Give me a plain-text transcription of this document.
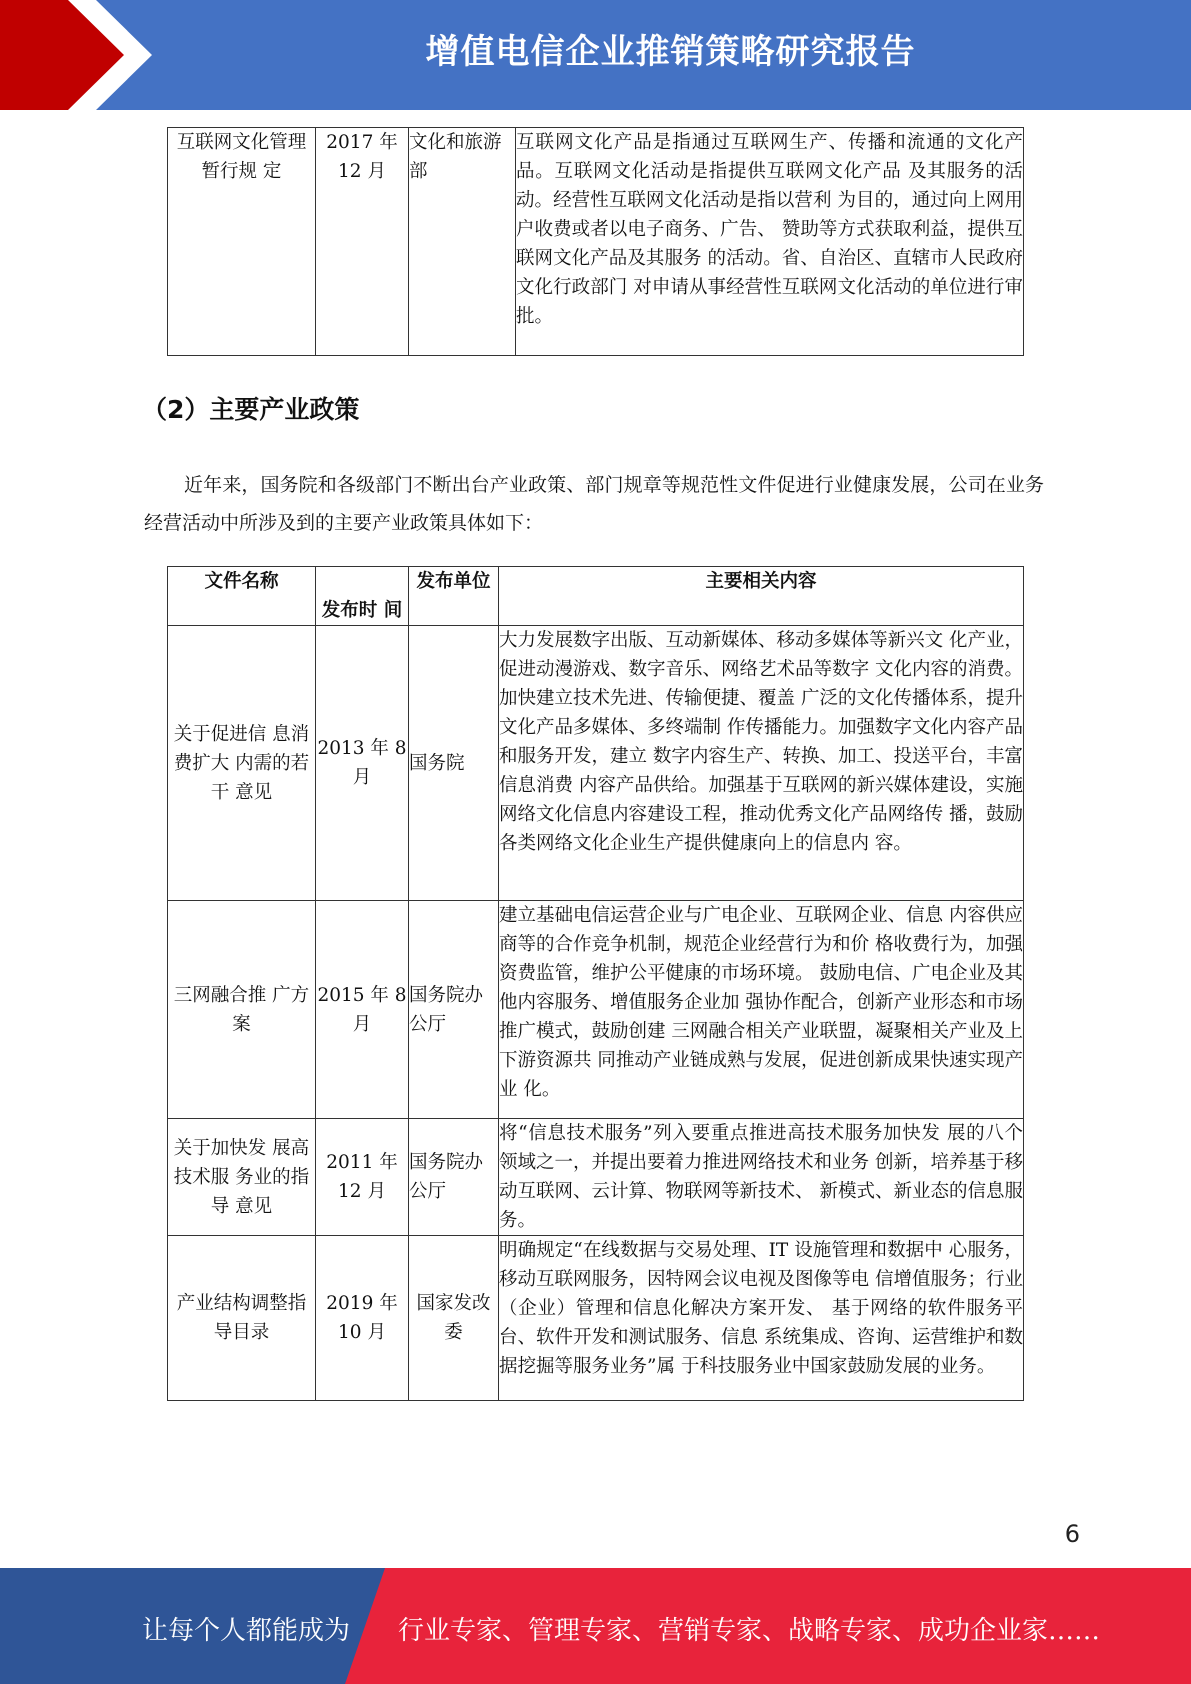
增值电信企业推销策略研究报告
互联网文化管理暂行规 定	2017 年 12 月	文化和旅游部	互联网文化产品是指通过互联网生产、传播和流通的文化产品。互联网文化活动是指提供互联网文化产品 及其服务的活动。经营性互联网文化活动是指以营利 为目的，通过向上网用户收费或者以电子商务、广告、 赞助等方式获取利益，提供互联网文化产品及其服务 的活动。省、自治区、直辖市人民政府文化行政部门 对申请从事经营性互联网文化活动的单位进行审批。
（2）主要产业政策

近年来，国务院和各级部门不断出台产业政策、部门规章等规范性文件促进行业健康发展，公司在业务经营活动中所涉及到的主要产业政策具体如下：

文件名称	发布时 间	发布单位	主要相关内容
关于促进信 息消费扩大 内需的若干 意见	2013 年 8 月	国务院	大力发展数字出版、互动新媒体、移动多媒体等新兴文 化产业，促进动漫游戏、数字音乐、网络艺术品等数字 文化内容的消费。加快建立技术先进、传输便捷、覆盖 广泛的文化传播体系，提升文化产品多媒体、多终端制 作传播能力。加强数字文化内容产品和服务开发，建立 数字内容生产、转换、加工、投送平台，丰富信息消费 内容产品供给。加强基于互联网的新兴媒体建设，实施 网络文化信息内容建设工程，推动优秀文化产品网络传 播，鼓励各类网络文化企业生产提供健康向上的信息内 容。
三网融合推 广方案	2015 年 8 月	国务院办公厅	建立基础电信运营企业与广电企业、互联网企业、信息 内容供应商等的合作竞争机制，规范企业经营行为和价 格收费行为，加强资费监管，维护公平健康的市场环境。 鼓励电信、广电企业及其他内容服务、增值服务企业加 强协作配合，创新产业形态和市场推广模式，鼓励创建 三网融合相关产业联盟，凝聚相关产业及上下游资源共 同推动产业链成熟与发展，促进创新成果快速实现产业 化。
关于加快发 展高技术服 务业的指导 意见	2011 年 12 月	国务院办公厅	将“信息技术服务”列入要重点推进高技术服务加快发 展的八个领域之一，并提出要着力推进网络技术和业务 创新，培养基于移动互联网、云计算、物联网等新技术、 新模式、新业态的信息服务。
产业结构调整指导目录	2019 年 10 月	国家发改委	明确规定“在线数据与交易处理、IT 设施管理和数据中 心服务，移动互联网服务，因特网会议电视及图像等电 信增值服务；行业（企业）管理和信息化解决方案开发、 基于网络的软件服务平台、软件开发和测试服务、信息 系统集成、咨询、运营维护和数据挖掘等服务业务”属 于科技服务业中国家鼓励发展的业务。
6
让每个人都能成为 行业专家、管理专家、营销专家、战略专家、成功企业家……
